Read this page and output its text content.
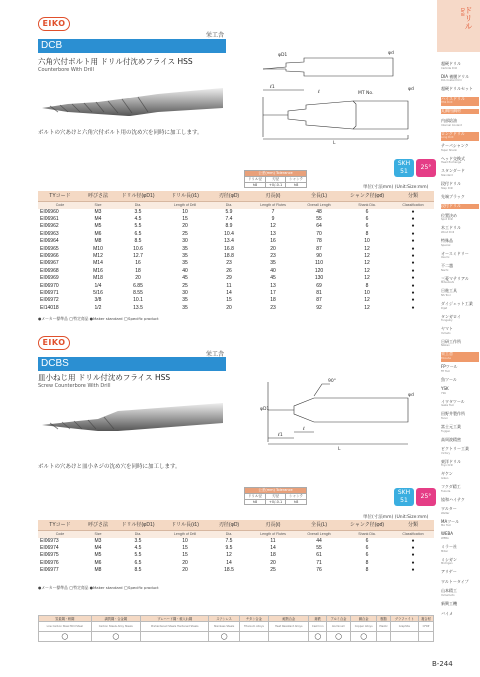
EIKO
DCB
栄工舎
六角穴付ボルト用 ドリル付沈めフライス HSS
Counterbore With Drill
ℓ
ℓ1
MT No.
L
φD1	φd
φd
ボルトの穴あけと六角穴付ボルト用の沈め穴を同時に加工します。
公差(mm) Tolerance		
ドリル径	刃径	シャンク
h8	+0/-0.1	h8
SKH
51
25°
単位(寸法mm) (Unit:Size:mm)
TYコード	呼びさ法	ドリル径(φD1)	ドリル長(ℓ1)	刃径(φD)	刃長(ℓ)	全長(L)	シャンク径(φd)	分類
Code	Size	Dia.	Length of Drill	Dia.	Length of Flutes	Overall Length	Shank Dia.	Classification
EI06960	M3	3.5	10	5.9	7	48	6	●
EI06961	M4	4.5	15	7.4	9	55	6	●
EI06962	M5	5.5	20	8.9	12	64	6	●
EI06963	M6	6.5	25	10.4	13	70	8	●
EI06964	M8	8.5	30	13.4	16	78	10	●
EI06965	M10	10.6	35	16.8	20	87	12	●
EI06966	M12	12.7	35	18.8	23	90	12	●
EI06967	M14	16	35	23	35	110	12	●
EI06968	M16	18	40	26	40	120	12	●
EI06969	M18	20	45	29	45	130	12	●
EI06970	1/4	6.85	25	11	13	69	8	●
EI06971	5/16	8.55	30	14	17	81	10	●
EI06972	3/8	10.1	35	15	18	87	12	●
EI14018	1/2	13.5	35	20	23	92	12	●
●メーカー標準品 ◯特定商品 ●Maker standard ◯Specific product
EIKO
DCBS
栄工舎
皿小ねじ用 ドリル付沈めフライス HSS
Screw Counterbore With Drill
90°
φD1
ℓ1
ℓ
L
φd
ボルトの穴あけと皿小ネジの沈め穴を同時に加工します。
公差(mm) Tolerance		
ドリル径	刃径	シャンク
h8	+0/-0.1	h8
SKH
51
25°
単位(寸法mm) (Unit:Size:mm)
TYコード	呼びさ法	ドリル径(φD1)	ドリル長(ℓ1)	刃径(φD)	刃長(ℓ)	全長(L)	シャンク径(φd)	分類
Code	Size	Dia.	Length of Drill	Dia.	Length of Flutes	Overall Length	Shank Dia.	Classification
EI06973	M3	3.5	10	7.5	11	44	6	●
EI06974	M4	4.5	15	9.5	14	55	6	●
EI06975	M5	5.5	15	12	18	61	6	●
EI06976	M6	6.5	20	14	20	71	8	●
EI06977	M8	8.5	20	18.5	25	76	8	●
●メーカー標準品 ◯特定商品 ●Maker standard ◯Specific product
炭素鋼・軟鋼	調質鋼・合金鋼	プレハード鋼・焼入れ鋼	ステンレス	チタン合金	耐熱合金	鋳鉄	アルミ合金	銅合金	樹脂	グラファイト	複合材
Low Carbon Steel Mild Steel	Carbon Steels Alloy Steels	Prehardened Steels Hardened Steels	Stainless Steels	Titanium Alloys	Heat Resistant Alloys	Cast Iron	Aluminum	Copper Alloys	Plastic	Graphite	CFRP
◯	◯		◯			◯	◯	◯			
ドリル
Drill
超硬ドリル
Carbide Drill
DIA 被膜ドリル
DIA Coated Drill
超硬ドリルセット
ハイスドリル
HSS Drill
丸鋼用鋼材
内部給油
Internal Coolant
ロングドリル
Long Drill
テーパシャンク
Taper Shank
ヘッド交換式
Head Exchange
スタンダード
Standard
段付ドリル
Step Drill
先端ブラック
段付ドリル
位置決め
Spot Drill
木工ドリル
Wood Drill
特殊品
Special
オースミドリー
Osumi
不二越
Nachi
三菱マテリアル
Mitsubishi
日進工具
NS Tool
ダイジェット工業
Dijet
タンガロイ
Tungaloy
ヤマト
Yamato
日研工作所
Nikken
栄工舎
Eikosha
FPツール
FP Tool
魚ツール
YSK
YSK
イワタツール
Iwata Tool
田野井製作所
Tanoi
富士元工業
Fujigen
高周波精密
ビクトリー工業
Victory
東洋ドリル
Toyo Drill
ギケン
Giken
フクダ精工
Fukuda
協和ハイテク
ワルター
Walter
MAツール
MA Tool
WEBA
WEBA
ミラー社
Miller
ミシガン
Michigan
アリゲー
ワルトータイプ
山本精工
Yamamoto
新興工機
バイメ
B-244
